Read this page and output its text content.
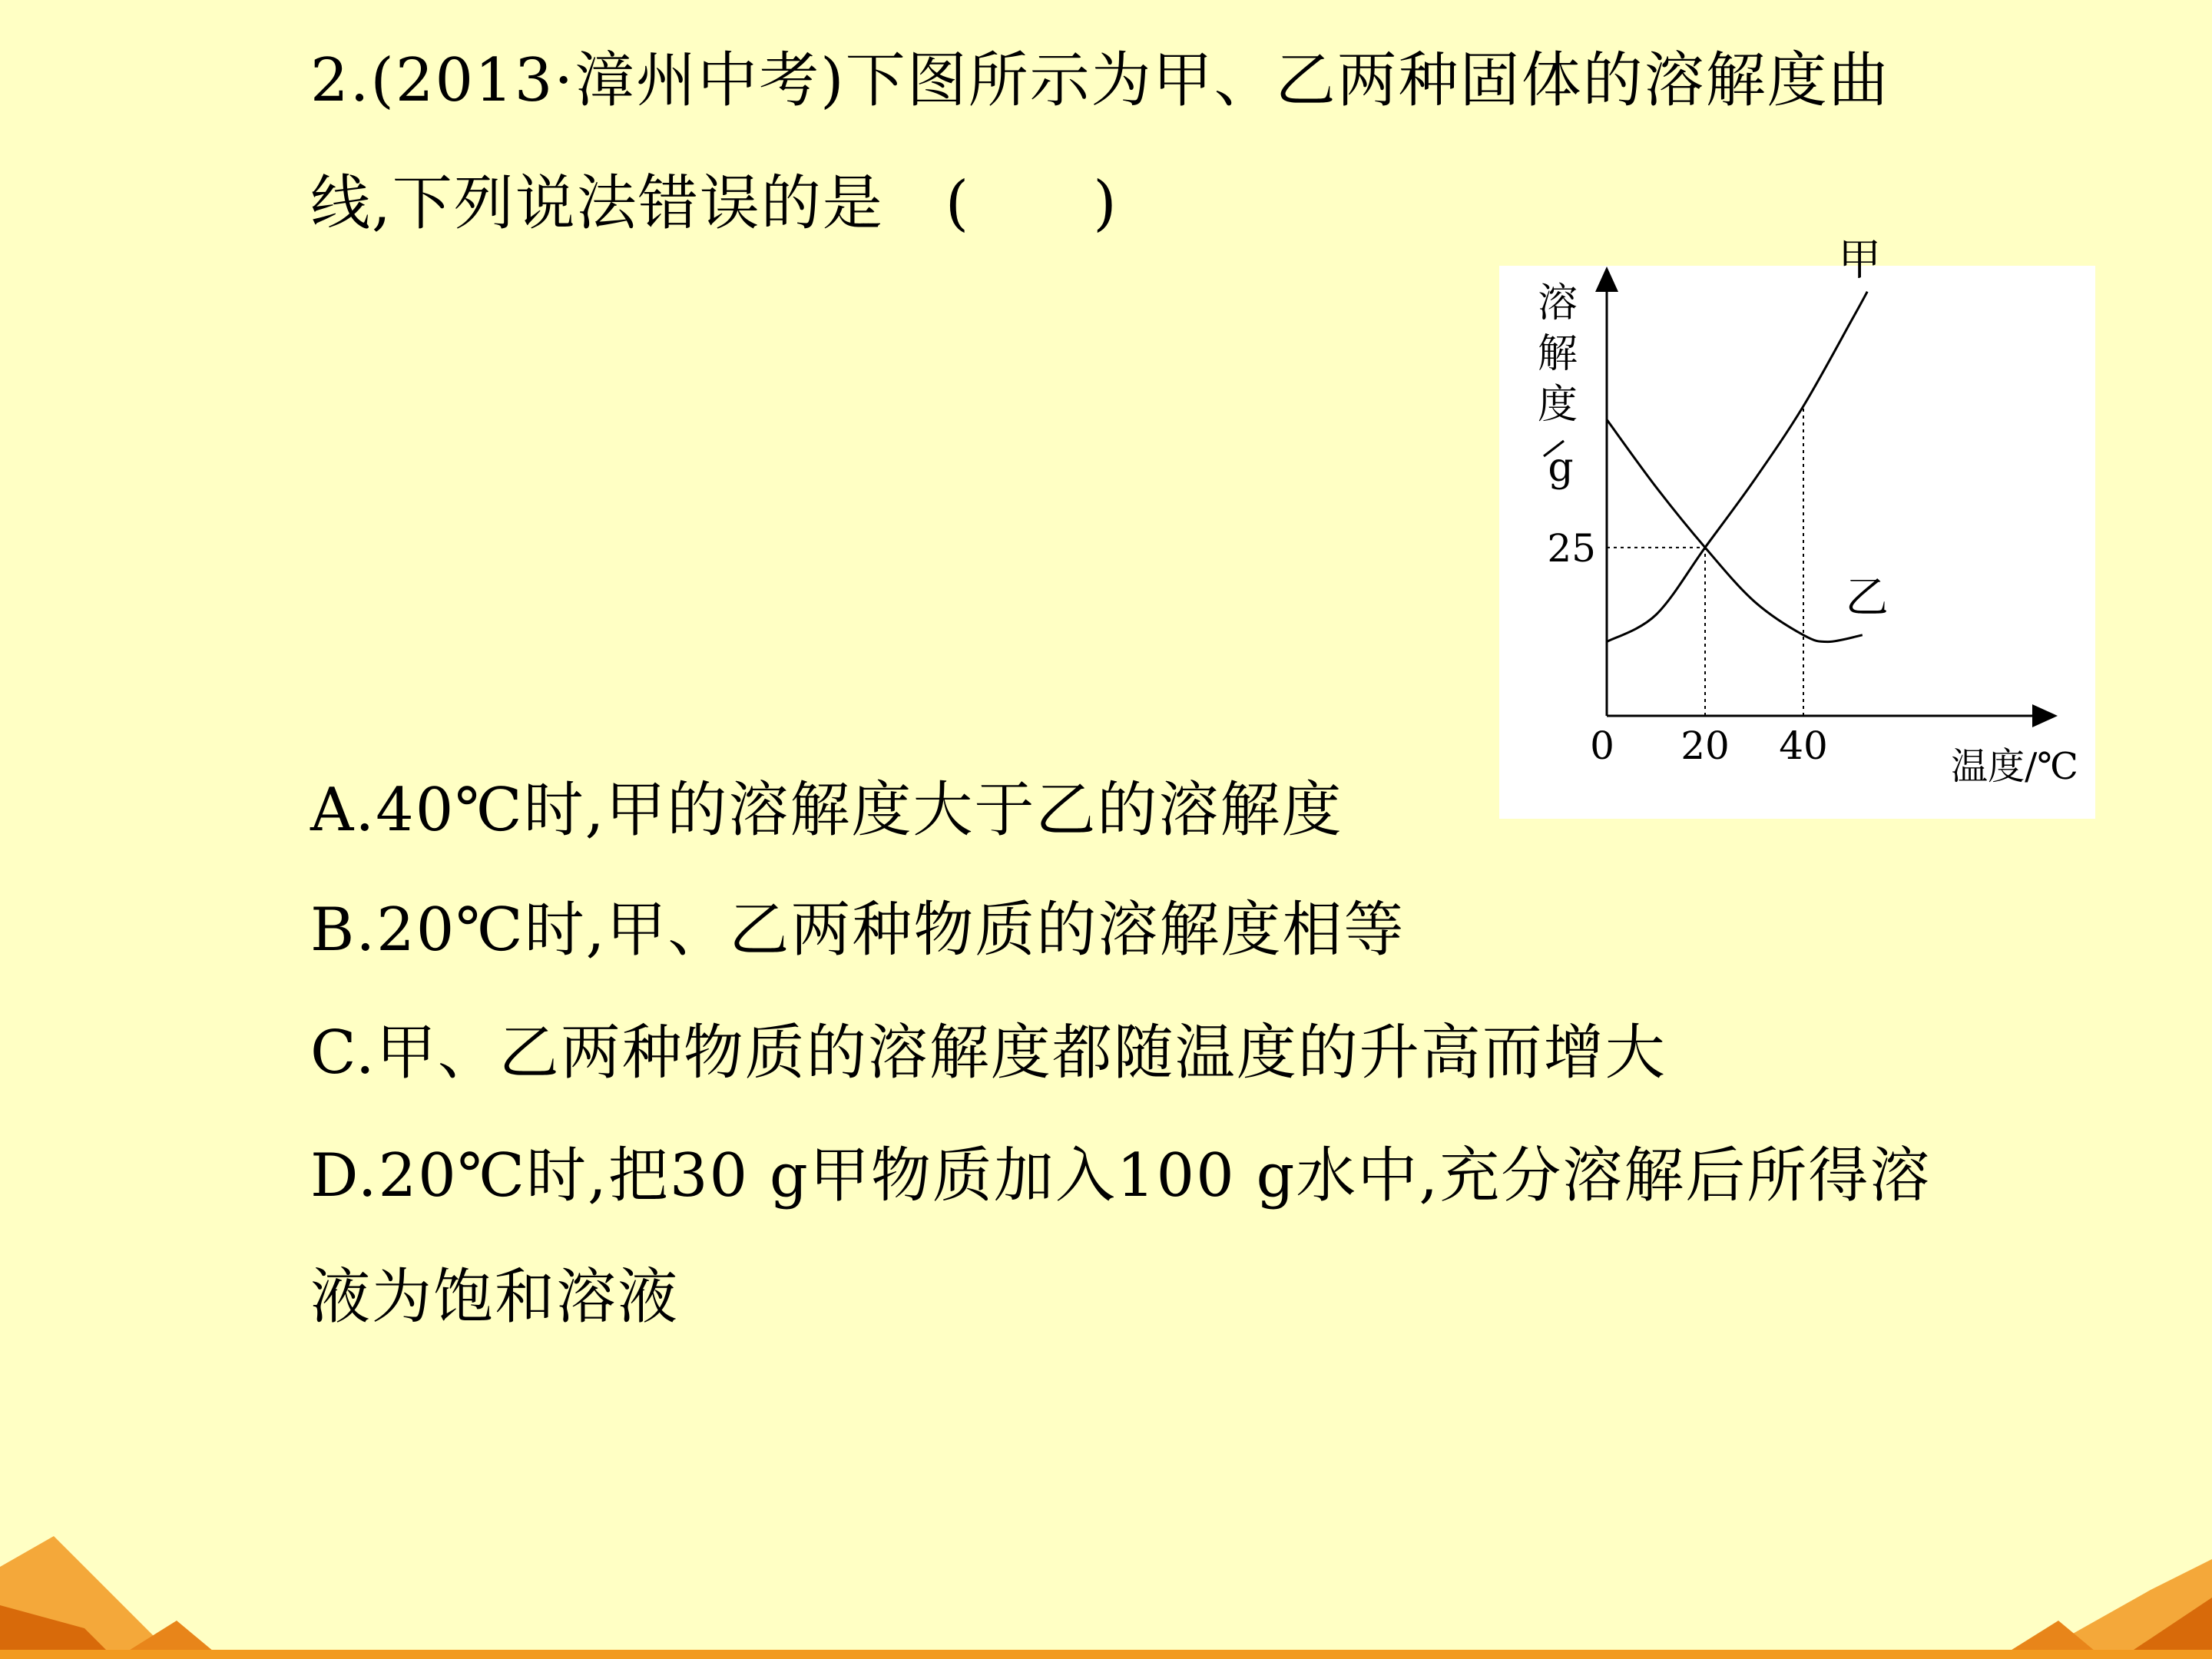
2.(2013·漳州中考)下图所示为甲、乙两种固体的溶解度曲

线,下列说法错误的是　(　　)

溶
解
度
g
0	温度/℃
20 40
25
甲
乙

A.40℃时,甲的溶解度大于乙的溶解度

B.20℃时,甲、乙两种物质的溶解度相等

C.甲、乙两种物质的溶解度都随温度的升高而增大

D.20℃时,把30 g甲物质加入100 g水中,充分溶解后所得溶

液为饱和溶液
